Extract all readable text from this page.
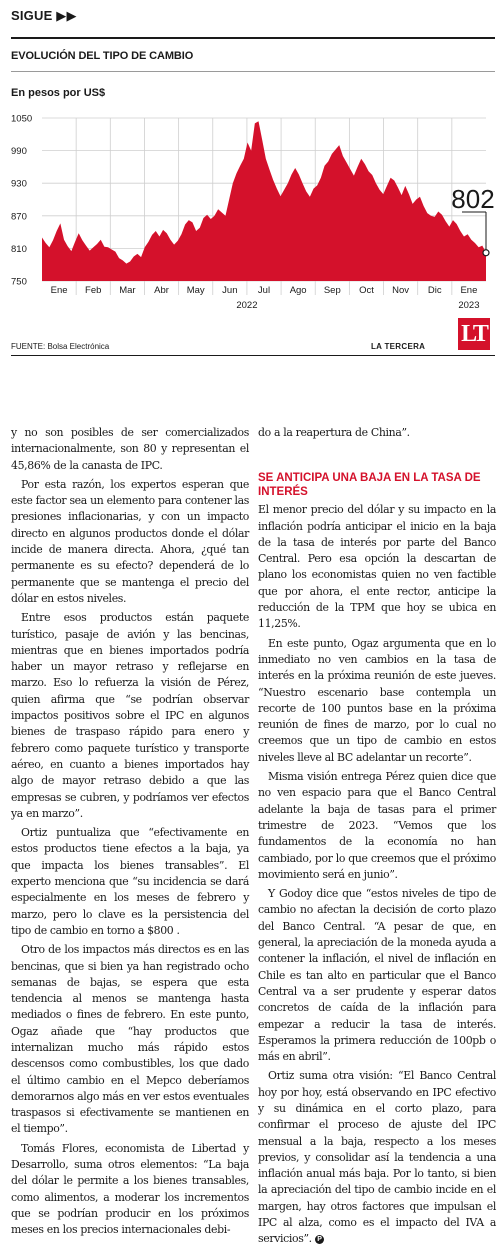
SIGUE ▶▶
EVOLUCIÓN DEL TIPO DE CAMBIO
En pesos por US$
750
810
870
930
990
1050
Ene Feb Mar Abr May Jun Jul Ago Sep Oct Nov Dic Ene
2022	2023
802
FUENTE: Bolsa Electrónica	LA TERCERA LT

y no son posibles de ser comercializados internacionalmente, son 80 y representan el 45,86% de la canasta de IPC.

Por esta razón, los expertos esperan que este factor sea un elemento para contener las presiones inflacionarias, y con un impacto directo en algunos productos donde el dólar incide de manera directa. Ahora, ¿qué tan permanente es su efecto? dependerá de lo permanente que se mantenga el precio del dólar en estos niveles.

Entre esos productos están paquete turístico, pasaje de avión y las bencinas, mientras que en bienes importados podría haber un mayor retraso y reflejarse en marzo. Eso lo refuerza la visión de Pérez, quien afirma que “se podrían observar impactos positivos sobre el IPC en algunos bienes de traspaso rápido para enero y febrero como paquete turístico y transporte aéreo, en cuanto a bienes importados hay algo de mayor retraso debido a que las empresas se cubren, y podríamos ver efectos ya en marzo”.

Ortiz puntualiza que “efectivamente en estos productos tiene efectos a la baja, ya que impacta los bienes transables”. El experto menciona que “su incidencia se dará especialmente en los meses de febrero y marzo, pero lo clave es la persistencia del tipo de cambio en torno a $800 .

Otro de los impactos más directos es en las bencinas, que si bien ya han registrado ocho semanas de bajas, se espera que esta tendencia al menos se mantenga hasta mediados o fines de febrero. En este punto, Ogaz añade que “hay productos que internalizan mucho más rápido estos descensos como combustibles, los que dado el último cambio en el Mepco deberíamos demorarnos algo más en ver estos eventuales traspasos si efectivamente se mantienen en el tiempo”.

Tomás Flores, economista de Libertad y Desarrollo, suma otros elementos: “La baja del dólar le permite a los bienes transables, como alimentos, a moderar los incrementos que se podrían producir en los próximos meses en los precios internacionales debi-

do a la reapertura de China”.

SE ANTICIPA UNA BAJA EN LA TASA DE INTERÉS

El menor precio del dólar y su impacto en la inflación podría anticipar el inicio en la baja de la tasa de interés por parte del Banco Central. Pero esa opción la descartan de plano los economistas quien no ven factible que por ahora, el ente rector, anticipe la reducción de la TPM que hoy se ubica en 11,25%.

En este punto, Ogaz argumenta que en lo inmediato no ven cambios en la tasa de interés en la próxima reunión de este jueves. “Nuestro escenario base contempla un recorte de 100 puntos base en la próxima reunión de fines de marzo, por lo cual no creemos que un tipo de cambio en estos niveles lleve al BC adelantar un recorte”.

Misma visión entrega Pérez quien dice que no ven espacio para que el Banco Central adelante la baja de tasas para el primer trimestre de 2023. “Vemos que los fundamentos de la economía no han cambiado, por lo que creemos que el próximo movimiento será en junio”.

Y Godoy dice que “estos niveles de tipo de cambio no afectan la decisión de corto plazo del Banco Central. “A pesar de que, en general, la apreciación de la moneda ayuda a contener la inflación, el nivel de inflación en Chile es tan alto en particular que el Banco Central va a ser prudente y esperar datos concretos de caída de la inflación para empezar a reducir la tasa de interés. Esperamos la primera reducción de 100pb o más en abril”.

Ortiz suma otra visión: “El Banco Central hoy por hoy, está observando en IPC efectivo y su dinámica en el corto plazo, para confirmar el proceso de ajuste del IPC mensual a la baja, respecto a los meses previos, y consolidar así la tendencia a una inflación anual más baja. Por lo tanto, si bien la apreciación del tipo de cambio incide en el margen, hay otros factores que impulsan el IPC al alza, como es el impacto del IVA a servicios”. P
